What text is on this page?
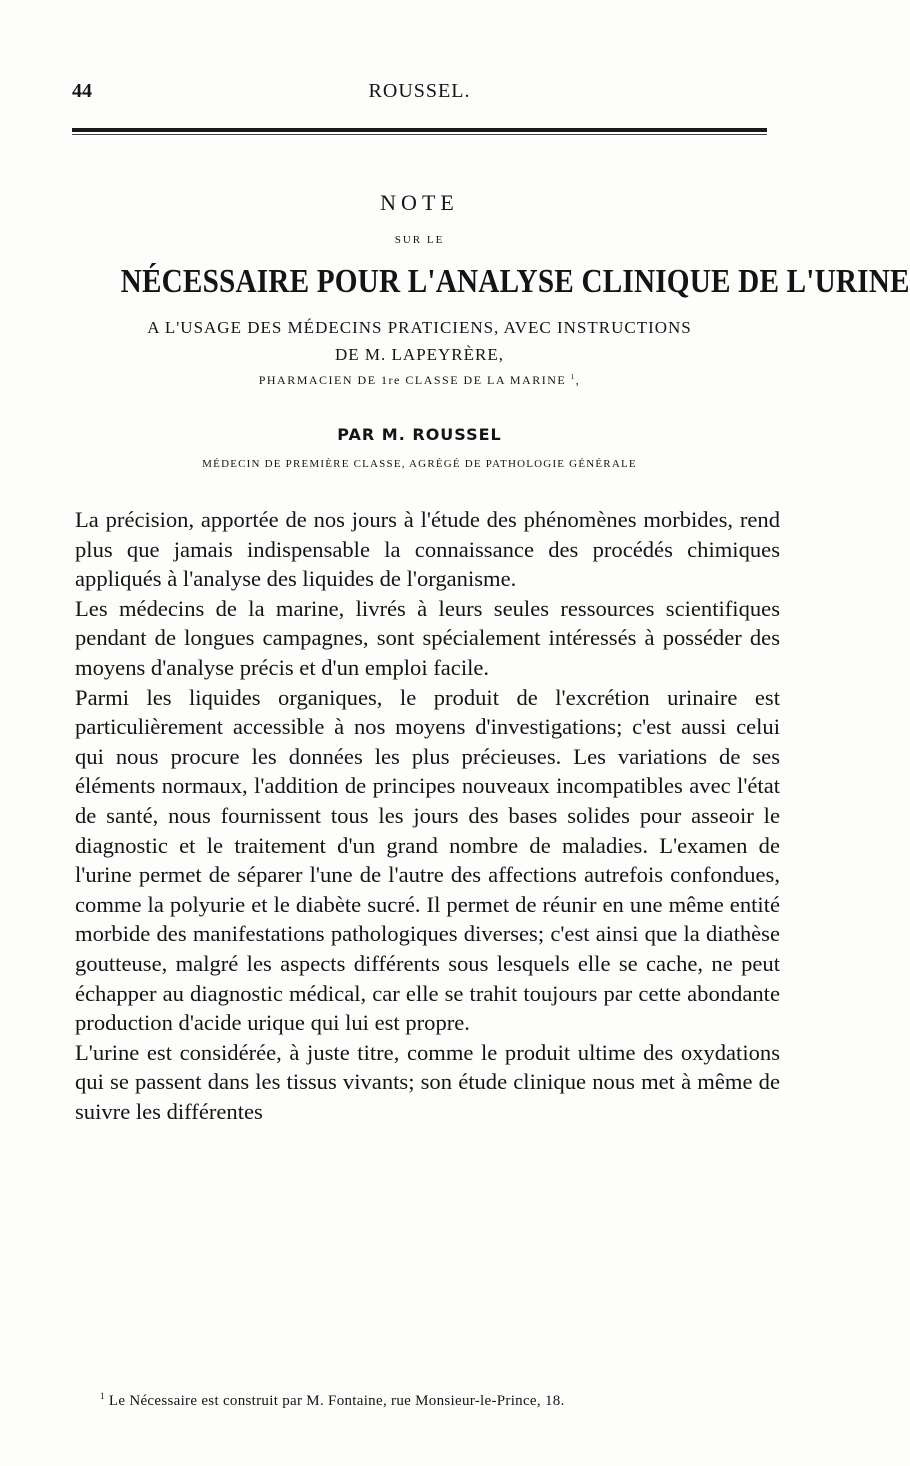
44	ROUSSEL.
NOTE
SUR LE
NÉCESSAIRE POUR L'ANALYSE CLINIQUE DE L'URINE
A L'USAGE DES MÉDECINS PRATICIENS, AVEC INSTRUCTIONS
DE M. LAPEYRÈRE,
PHARMACIEN DE 1re CLASSE DE LA MARINE $^1$,
PAR M. ROUSSEL
MÉDECIN DE PREMIÈRE CLASSE, AGRÉGÉ DE PATHOLOGIE GÉNÉRALE

La précision, apportée de nos jours à l'étude des phénomènes morbides, rend plus que jamais indispensable la connaissance des procédés chimiques appliqués à l'analyse des liquides de l'organisme.

Les médecins de la marine, livrés à leurs seules ressources scientifiques pendant de longues campagnes, sont spécialement intéressés à posséder des moyens d'analyse précis et d'un emploi facile.

Parmi les liquides organiques, le produit de l'excrétion urinaire est particulièrement accessible à nos moyens d'investigations; c'est aussi celui qui nous procure les données les plus précieuses. Les variations de ses éléments normaux, l'addition de principes nouveaux incompatibles avec l'état de santé, nous fournissent tous les jours des bases solides pour asseoir le diagnostic et le traitement d'un grand nombre de maladies. L'examen de l'urine permet de séparer l'une de l'autre des affections autrefois confondues, comme la polyurie et le diabète sucré. Il permet de réunir en une même entité morbide des manifestations pathologiques diverses; c'est ainsi que la diathèse goutteuse, malgré les aspects différents sous lesquels elle se cache, ne peut échapper au diagnostic médical, car elle se trahit toujours par cette abondante production d'acide urique qui lui est propre.

L'urine est considérée, à juste titre, comme le produit ultime des oxydations qui se passent dans les tissus vivants; son étude clinique nous met à même de suivre les différentes

$^1$ Le Nécessaire est construit par M. Fontaine, rue Monsieur-le-Prince, 18.
